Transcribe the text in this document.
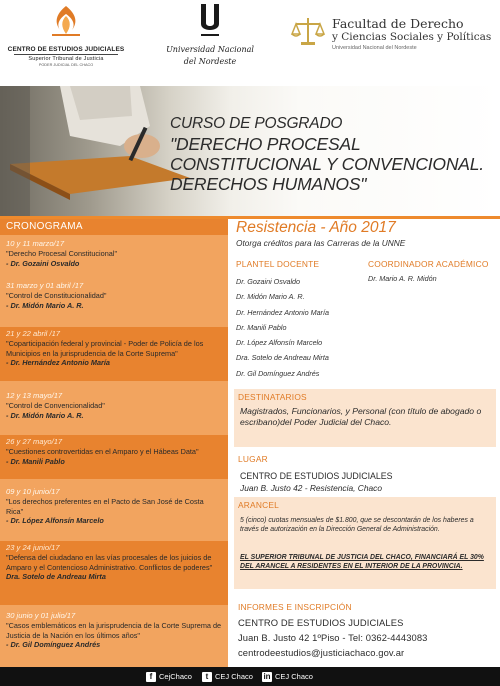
CENTRO DE ESTUDIOS JUDICIALES
Superior Tribunal de Justicia
PODER JUDICIAL DEL CHACO
Universidad Nacional
del Nordeste
Facultad de Derecho
y Ciencias Sociales y Políticas
Universidad Nacional del Nordeste
CURSO DE POSGRADO
"DERECHO PROCESAL
CONSTITUCIONAL Y CONVENCIONAL.
DERECHOS HUMANOS"
CRONOGRAMA
10 y 11 marzo/17
"Derecho Procesal Constitucional"
- Dr. Gozaini Osvaldo
31 marzo y 01 abril /17
"Control de Constitucionalidad"
- Dr. Midón Mario A. R.
21 y 22 abril /17
"Coparticipación federal y provincial - Poder de Policía de los Municipios en la jurisprudencia de la Corte Suprema"
- Dr. Hernández Antonio María
12 y 13 mayo/17
"Control de Convencionalidad"
- Dr. Midón Mario A. R.
26 y 27 mayo/17
"Cuestiones controvertidas en el Amparo y el Hábeas Data"
- Dr. Manili Pablo
09 y 10 junio/17
"Los derechos preferentes en el Pacto de San José de Costa Rica"
- Dr. López Alfonsín Marcelo
23 y 24 junio/17
"Defensa del ciudadano en las vías procesales de los juicios de Amparo y el Contencioso Administrativo. Conflictos de poderes"
Dra. Sotelo de Andreau Mirta
30 junio y 01 julio/17
"Casos emblemáticos en la jurisprudencia de la Corte Suprema de Justicia de la Nación en los últimos años"
- Dr. Gil Domínguez Andrés
Resistencia - Año 2017
Otorga créditos para las Carreras de la UNNE
PLANTEL DOCENTE	COORDINADOR ACADÉMICO
Dr. Gozaini Osvaldo
Dr. Midón Mario A. R.
Dr. Hernández Antonio María
Dr. Manili Pablo
Dr. López Alfonsín Marcelo
Dra. Sotelo de Andreau Mirta
Dr. Gil Domínguez Andrés
Dr. Mario A. R. Midón
DESTINATARIOS
Magistrados, Funcionarios, y Personal (con título de abogado o escribano)del Poder Judicial del Chaco.
LUGAR
CENTRO DE ESTUDIOS JUDICIALES
Juan B. Justo 42 - Resistencia, Chaco
ARANCEL
5 (cinco) cuotas mensuales de $1.800, que se descontarán de los haberes a través de autorización en la Dirección General de Administración.
EL SUPERIOR TRIBUNAL DE JUSTICIA DEL CHACO, FINANCIARÁ EL 30% DEL ARANCEL A RESIDENTES EN EL INTERIOR DE LA PROVINCIA.
INFORMES E INSCRIPCIÓN
CENTRO DE ESTUDIOS JUDICIALES
Juan B. Justo 42 1ºPiso - Tel: 0362-4443083
centrodeestudios@justiciachaco.gov.ar
f CejChaco	t CEJ Chaco in CEJ Chaco
